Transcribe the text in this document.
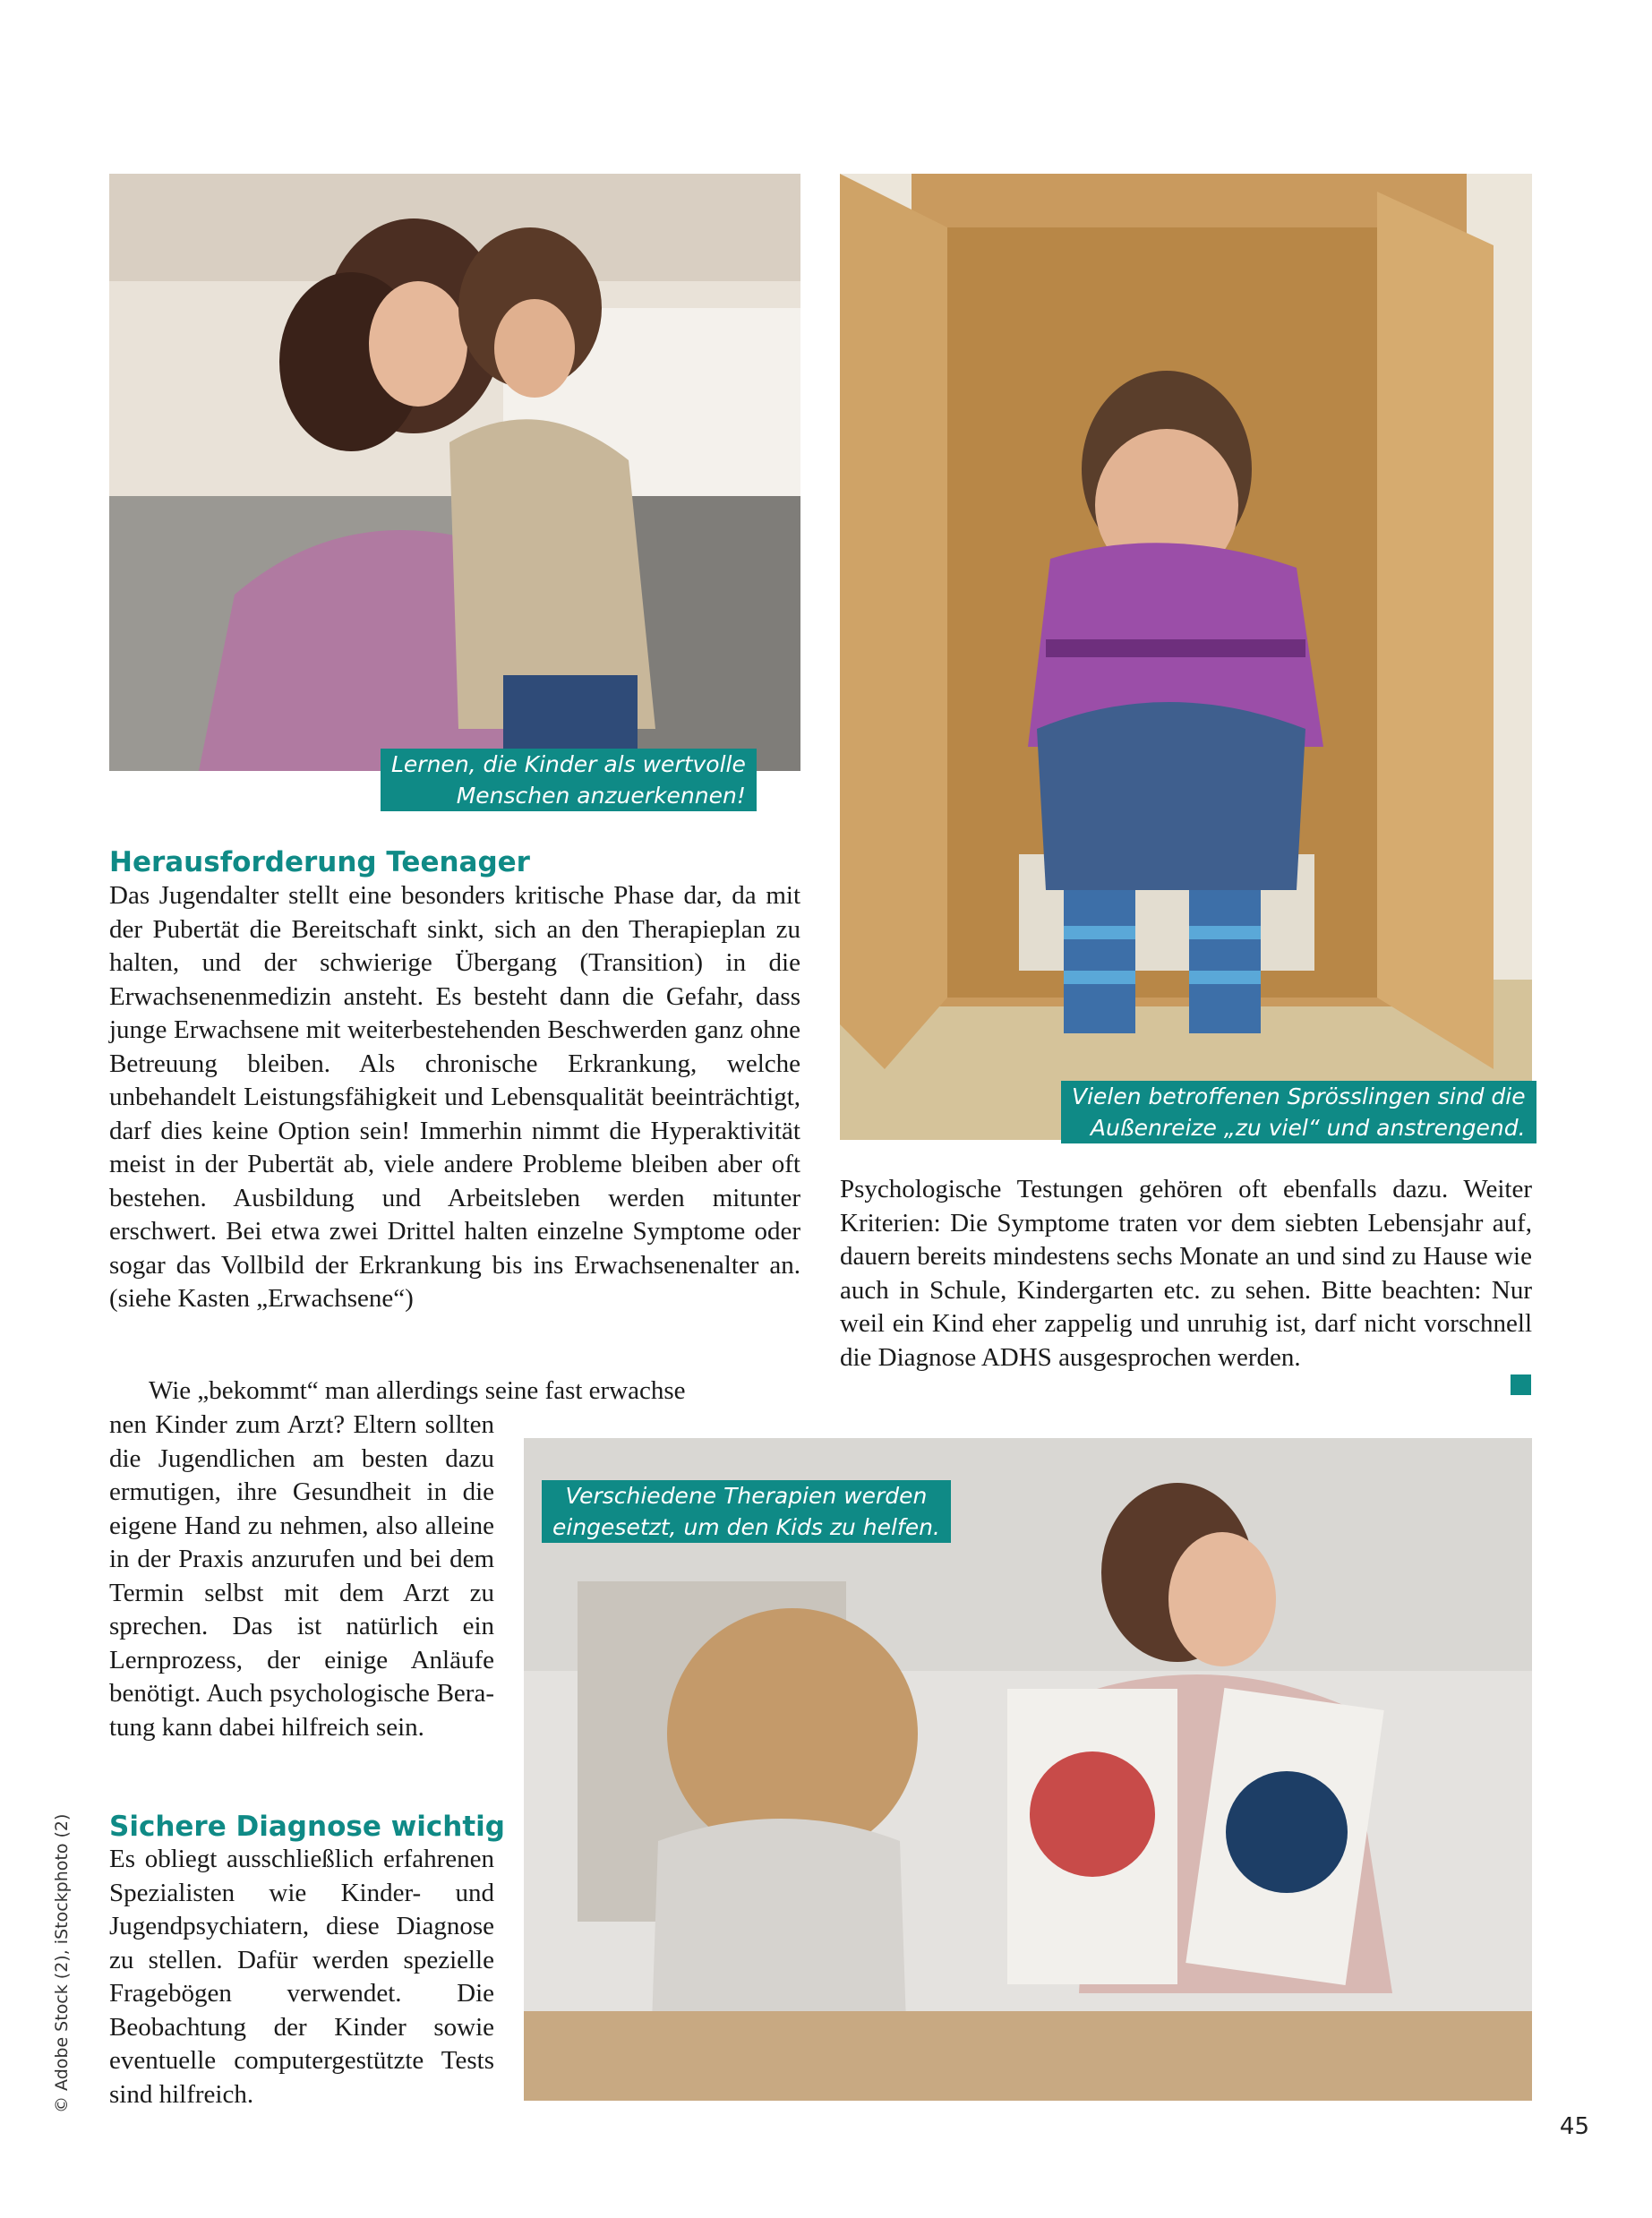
Lernen, die Kinder als wertvolle
Menschen anzuerkennen!
Vielen betroffenen Sprösslingen sind die
Außenreize „zu viel“ und anstrengend.
Verschiedene Therapien werden
eingesetzt, um den Kids zu helfen.
Herausforderung Teenager

Das Jugendalter stellt eine besonders kritische Phase dar, da mit der Pubertät die Bereitschaft sinkt, sich an den Therapieplan zu halten, und der schwierige Übergang (Transition) in die Erwachsenenmedizin ansteht. Es besteht dann die Gefahr, dass junge Erwachsene mit weiterbestehenden Beschwerden ganz ohne Betreuung bleiben. Als chronische Erkrankung, welche unbehandelt Leistungsfähigkeit und Lebensqualität beeinträchtigt, darf dies keine Option sein! Immerhin nimmt die Hyperaktivität meist in der Pubertät ab, viele andere Probleme bleiben aber oft bestehen. Ausbildung und Arbeitsleben werden mitunter erschwert. Bei etwa zwei Drittel halten einzelne Symptome oder sogar das Vollbild der Erkrankung bis ins Erwachsenenalter an. (siehe Kasten „Erwachsene“)

Wie „bekommt“ man allerdings seine fast erwachse

nen Kinder zum Arzt? Eltern sollten die Jugendlichen am besten dazu ermutigen, ihre Gesundheit in die eigene Hand zu nehmen, also alleine in der Praxis anzurufen und bei dem Termin selbst mit dem Arzt zu sprechen. Das ist natürlich ein Lernprozess, der einige Anläufe benötigt. Auch psychologische Beratung kann dabei hilfreich sein.

Sichere Diagnose wichtig

Es obliegt ausschließlich erfahrenen Spezialisten wie Kinder- und Jugendpsychiatern, diese Diagnose zu stellen. Dafür werden spezielle Fragebögen verwendet. Die Beobachtung der Kinder sowie eventuelle computergestützte Tests sind hilfreich.

Psychologische Testungen gehören oft ebenfalls dazu. Weiter Kriterien: Die Symptome traten vor dem siebten Lebensjahr auf, dauern bereits mindestens sechs Monate an und sind zu Hause wie auch in Schule, Kindergarten etc. zu sehen. Bitte beachten: Nur weil ein Kind eher zappelig und unruhig ist, darf nicht vorschnell die Diagnose ADHS ausgesprochen werden.

© Adobe Stock (2), iStockphoto (2)
45
